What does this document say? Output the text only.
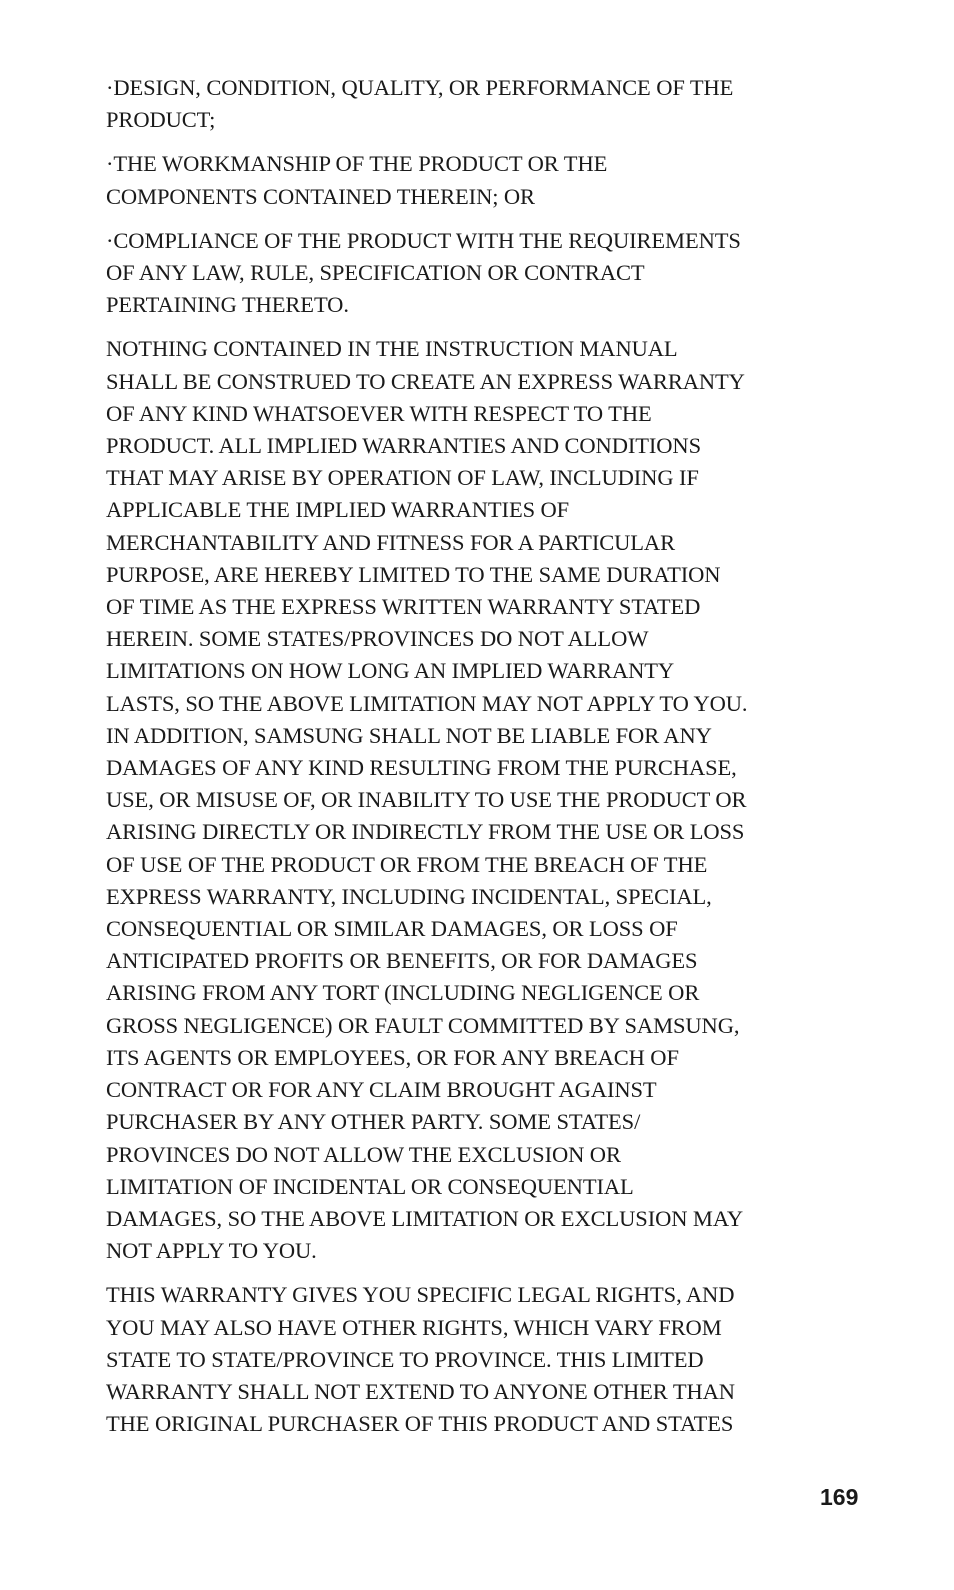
·DESIGN, CONDITION, QUALITY, OR PERFORMANCE OF THE
PRODUCT;

·THE WORKMANSHIP OF THE PRODUCT OR THE
COMPONENTS CONTAINED THEREIN; OR

·COMPLIANCE OF THE PRODUCT WITH THE REQUIREMENTS
OF ANY LAW, RULE, SPECIFICATION OR CONTRACT
PERTAINING THERETO.

NOTHING CONTAINED IN THE INSTRUCTION MANUAL
SHALL BE CONSTRUED TO CREATE AN EXPRESS WARRANTY
OF ANY KIND WHATSOEVER WITH RESPECT TO THE
PRODUCT. ALL IMPLIED WARRANTIES AND CONDITIONS
THAT MAY ARISE BY OPERATION OF LAW, INCLUDING IF
APPLICABLE THE IMPLIED WARRANTIES OF
MERCHANTABILITY AND FITNESS FOR A PARTICULAR
PURPOSE, ARE HEREBY LIMITED TO THE SAME DURATION
OF TIME AS THE EXPRESS WRITTEN WARRANTY STATED
HEREIN. SOME STATES/PROVINCES DO NOT ALLOW
LIMITATIONS ON HOW LONG AN IMPLIED WARRANTY
LASTS, SO THE ABOVE LIMITATION MAY NOT APPLY TO YOU.
IN ADDITION, SAMSUNG SHALL NOT BE LIABLE FOR ANY
DAMAGES OF ANY KIND RESULTING FROM THE PURCHASE,
USE, OR MISUSE OF, OR INABILITY TO USE THE PRODUCT OR
ARISING DIRECTLY OR INDIRECTLY FROM THE USE OR LOSS
OF USE OF THE PRODUCT OR FROM THE BREACH OF THE
EXPRESS WARRANTY, INCLUDING INCIDENTAL, SPECIAL,
CONSEQUENTIAL OR SIMILAR DAMAGES, OR LOSS OF
ANTICIPATED PROFITS OR BENEFITS, OR FOR DAMAGES
ARISING FROM ANY TORT (INCLUDING NEGLIGENCE OR
GROSS NEGLIGENCE) OR FAULT COMMITTED BY SAMSUNG,
ITS AGENTS OR EMPLOYEES, OR FOR ANY BREACH OF
CONTRACT OR FOR ANY CLAIM BROUGHT AGAINST
PURCHASER BY ANY OTHER PARTY. SOME STATES/
PROVINCES DO NOT ALLOW THE EXCLUSION OR
LIMITATION OF INCIDENTAL OR CONSEQUENTIAL
DAMAGES, SO THE ABOVE LIMITATION OR EXCLUSION MAY
NOT APPLY TO YOU.

THIS WARRANTY GIVES YOU SPECIFIC LEGAL RIGHTS, AND
YOU MAY ALSO HAVE OTHER RIGHTS, WHICH VARY FROM
STATE TO STATE/PROVINCE TO PROVINCE. THIS LIMITED
WARRANTY SHALL NOT EXTEND TO ANYONE OTHER THAN
THE ORIGINAL PURCHASER OF THIS PRODUCT AND STATES

169
